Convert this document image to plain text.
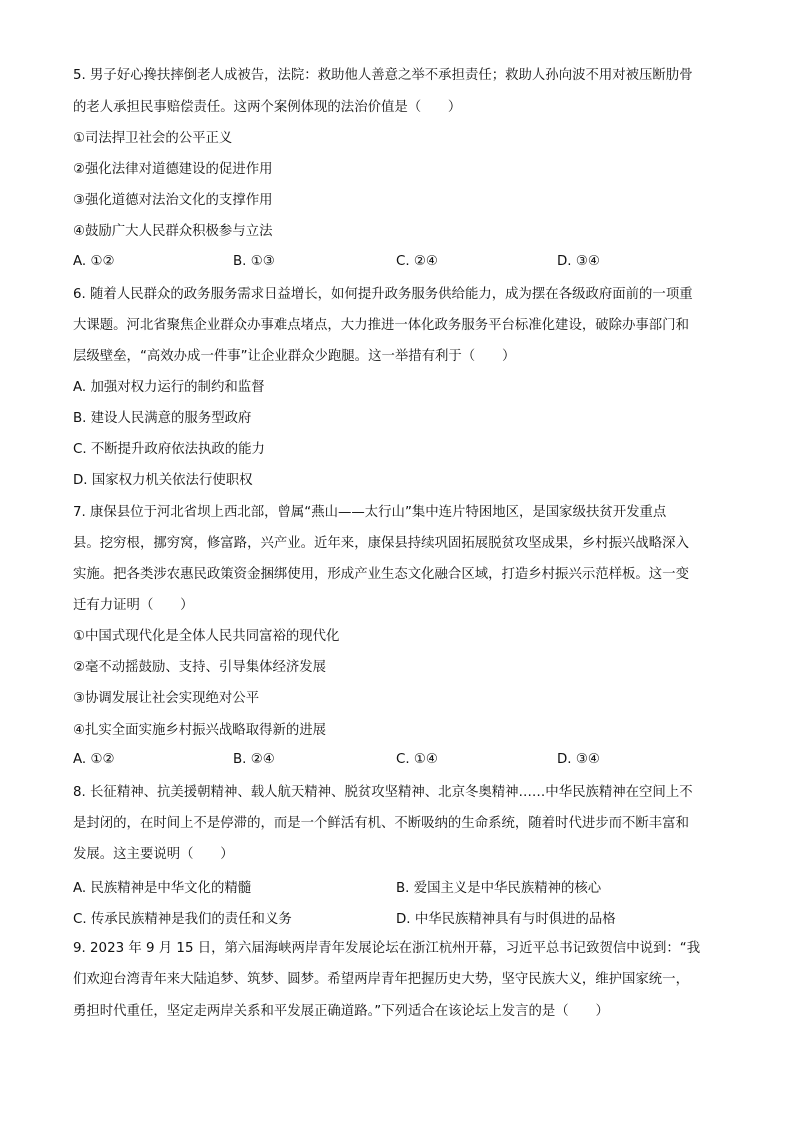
5. 男子好心搀扶摔倒老人成被告，法院：救助他人善意之举不承担责任；救助人孙向波不用对被压断肋骨
的老人承担民事赔偿责任。这两个案例体现的法治价值是（　　）
①司法捍卫社会的公平正义
②强化法律对道德建设的促进作用
③强化道德对法治文化的支撑作用
④鼓励广大人民群众积极参与立法
A. ①②	B. ①③	C. ②④	D. ③④
6. 随着人民群众的政务服务需求日益增长，如何提升政务服务供给能力，成为摆在各级政府面前的一项重
大课题。河北省聚焦企业群众办事难点堵点，大力推进一体化政务服务平台标准化建设，破除办事部门和
层级壁垒，“高效办成一件事”让企业群众少跑腿。这一举措有利于（　　）
A. 加强对权力运行的制约和监督
B. 建设人民满意的服务型政府
C. 不断提升政府依法执政的能力
D. 国家权力机关依法行使职权
7. 康保县位于河北省坝上西北部，曾属“燕山——太行山”集中连片特困地区，是国家级扶贫开发重点
县。挖穷根，挪穷窝，修富路，兴产业。近年来，康保县持续巩固拓展脱贫攻坚成果，乡村振兴战略深入
实施。把各类涉农惠民政策资金捆绑使用，形成产业生态文化融合区域，打造乡村振兴示范样板。这一变
迁有力证明（　　）
①中国式现代化是全体人民共同富裕的现代化
②毫不动摇鼓励、支持、引导集体经济发展
③协调发展让社会实现绝对公平
④扎实全面实施乡村振兴战略取得新的进展
A. ①②	B. ②④	C. ①④	D. ③④
8. 长征精神、抗美援朝精神、载人航天精神、脱贫攻坚精神、北京冬奥精神……中华民族精神在空间上不
是封闭的，在时间上不是停滞的，而是一个鲜活有机、不断吸纳的生命系统，随着时代进步而不断丰富和
发展。这主要说明（　　）
A. 民族精神是中华文化的精髓	B. 爱国主义是中华民族精神的核心
C. 传承民族精神是我们的责任和义务	D. 中华民族精神具有与时俱进的品格
9. 2023 年 9 月 15 日，第六届海峡两岸青年发展论坛在浙江杭州开幕，习近平总书记致贺信中说到：“我
们欢迎台湾青年来大陆追梦、筑梦、圆梦。希望两岸青年把握历史大势，坚守民族大义，维护国家统一，
勇担时代重任，坚定走两岸关系和平发展正确道路。”下列适合在该论坛上发言的是（　　）
